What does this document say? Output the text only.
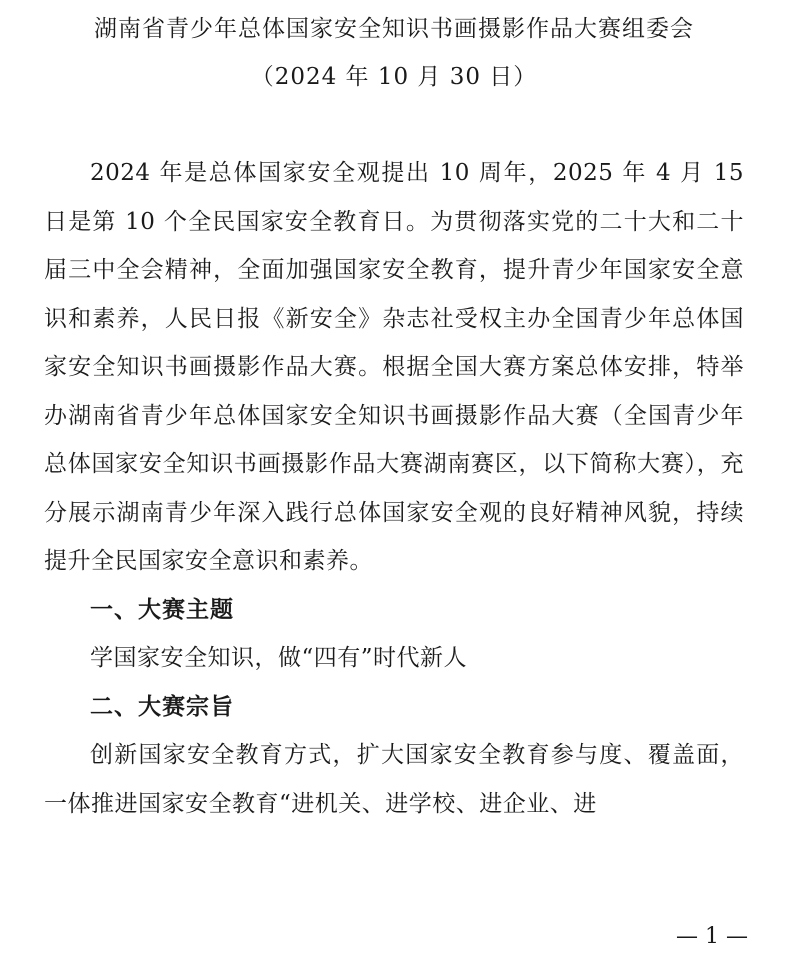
湖南省青少年总体国家安全知识书画摄影作品大赛组委会
（2024 年 10 月 30 日）

2024 年是总体国家安全观提出 10 周年，2025 年 4 月 15 日是第 10 个全民国家安全教育日。为贯彻落实党的二十大和二十届三中全会精神，全面加强国家安全教育，提升青少年国家安全意识和素养，人民日报《新安全》杂志社受权主办全国青少年总体国家安全知识书画摄影作品大赛。根据全国大赛方案总体安排，特举办湖南省青少年总体国家安全知识书画摄影作品大赛（全国青少年总体国家安全知识书画摄影作品大赛湖南赛区，以下简称大赛），充分展示湖南青少年深入践行总体国家安全观的良好精神风貌，持续提升全民国家安全意识和素养。

一、大赛主题

学国家安全知识，做“四有”时代新人

二、大赛宗旨

创新国家安全教育方式，扩大国家安全教育参与度、覆盖面，一体推进国家安全教育“进机关、进学校、进企业、进

— 1 —
